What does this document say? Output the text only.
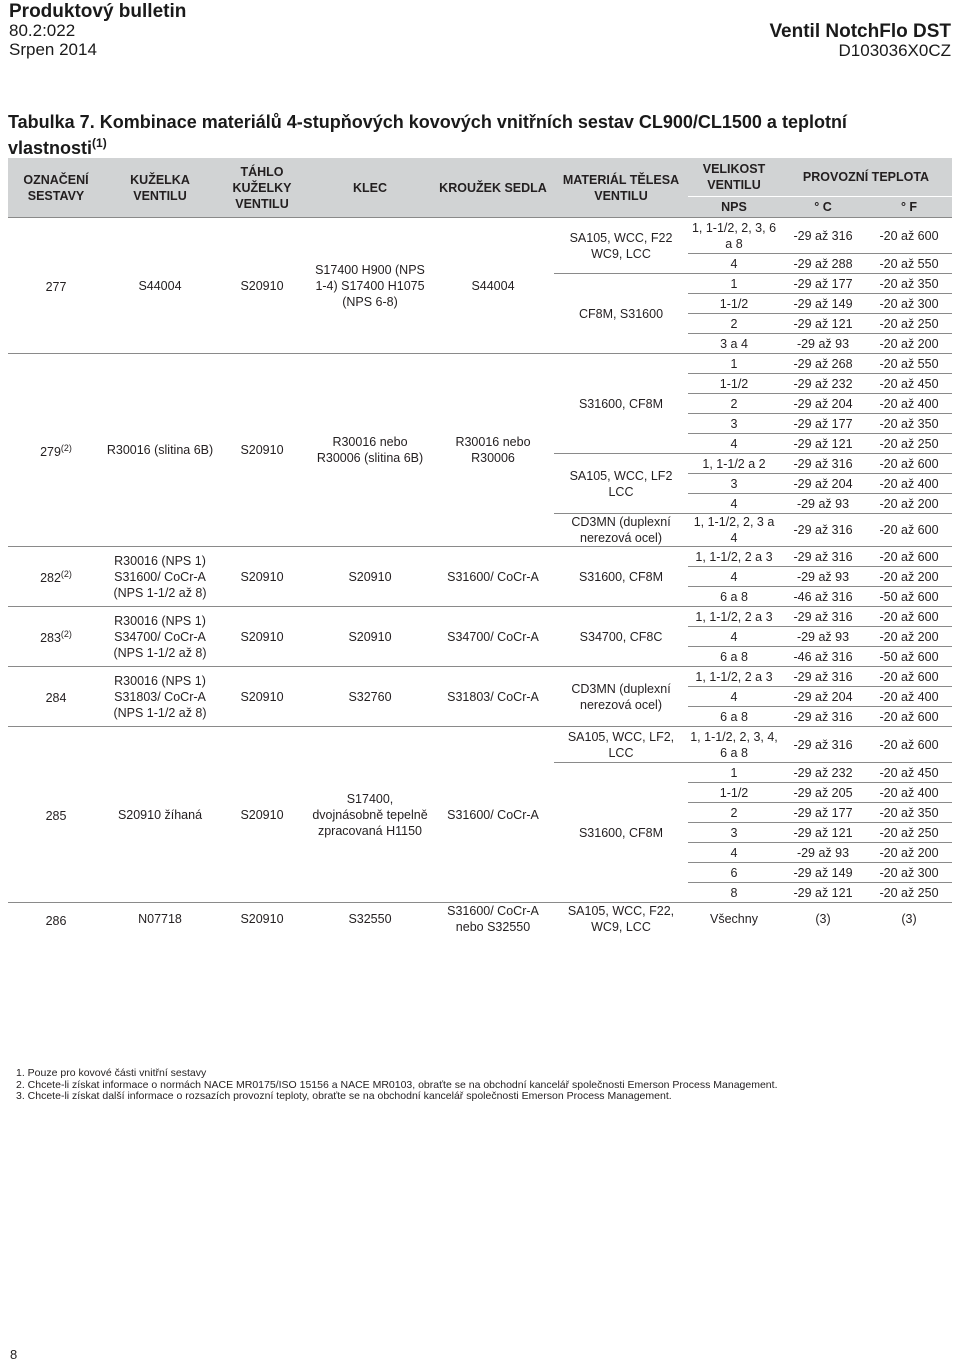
Produktový bulletin
80.2:022
Srpen 2014
Ventil NotchFlo DST
D103036X0CZ
Tabulka 7. Kombinace materiálů 4-stupňových kovových vnitřních sestav CL900/CL1500 a teplotní vlastnosti$^{(1)}$
OZNAČENÍ SESTAVY	KUŽELKA VENTILU	TÁHLO KUŽELKY VENTILU	KLEC	KROUŽEK SEDLA	MATERIÁL TĚLESA VENTILU	VELIKOST VENTILU	PROVOZNÍ TEPLOTA	
						NPS	° C	° F
277	S44004	S20910	S17400 H900 (NPS 1-4) S17400 H1075 (NPS 6-8)	S44004	SA105, WCC, F22 WC9, LCC	1, 1-1/2, 2, 3, 6 a 8	-29 až 316	-20 až 600
						4	-29 až 288	-20 až 550
					CF8M, S31600	1	-29 až 177	-20 až 350
						1-1/2	-29 až 149	-20 až 300
						2	-29 až 121	-20 až 250
						3 a 4	-29 až 93	-20 až 200
279$^{(2)}$	R30016 (slitina 6B)	S20910	R30016 nebo R30006 (slitina 6B)	R30016 nebo R30006	S31600, CF8M	1	-29 až 268	-20 až 550
						1-1/2	-29 až 232	-20 až 450
						2	-29 až 204	-20 až 400
						3	-29 až 177	-20 až 350
						4	-29 až 121	-20 až 250
					SA105, WCC, LF2 LCC	1, 1-1/2 a 2	-29 až 316	-20 až 600
						3	-29 až 204	-20 až 400
						4	-29 až 93	-20 až 200
					CD3MN (duplexní nerezová ocel)	1, 1-1/2, 2, 3 a 4	-29 až 316	-20 až 600
282$^{(2)}$	R30016 (NPS 1) S31600/ CoCr-A (NPS 1-1/2 až 8)	S20910	S20910	S31600/ CoCr-A	S31600, CF8M	1, 1-1/2, 2 a 3	-29 až 316	-20 až 600
						4	-29 až 93	-20 až 200
						6 a 8	-46 až 316	-50 až 600
283$^{(2)}$	R30016 (NPS 1) S34700/ CoCr-A (NPS 1-1/2 až 8)	S20910	S20910	S34700/ CoCr-A	S34700, CF8C	1, 1-1/2, 2 a 3	-29 až 316	-20 až 600
						4	-29 až 93	-20 až 200
						6 a 8	-46 až 316	-50 až 600
284	R30016 (NPS 1) S31803/ CoCr-A (NPS 1-1/2 až 8)	S20910	S32760	S31803/ CoCr-A	CD3MN (duplexní nerezová ocel)	1, 1-1/2, 2 a 3	-29 až 316	-20 až 600
						4	-29 až 204	-20 až 400
						6 a 8	-29 až 316	-20 až 600
285	S20910 žíhaná	S20910	S17400, dvojnásobně tepelně zpracovaná H1150	S31600/ CoCr-A	SA105, WCC, LF2, LCC	1, 1-1/2, 2, 3, 4, 6 a 8	-29 až 316	-20 až 600
					S31600, CF8M	1	-29 až 232	-20 až 450
						1-1/2	-29 až 205	-20 až 400
						2	-29 až 177	-20 až 350
						3	-29 až 121	-20 až 250
						4	-29 až 93	-20 až 200
						6	-29 až 149	-20 až 300
						8	-29 až 121	-20 až 250
286	N07718	S20910	S32550	S31600/ CoCr-A nebo S32550	SA105, WCC, F22, WC9, LCC	Všechny	(3)	(3)
1. Pouze pro kovové části vnitřní sestavy
2. Chcete-li získat informace o normách NACE MR0175/ISO 15156 a NACE MR0103, obraťte se na obchodní kancelář společnosti Emerson Process Management.
3. Chcete-li získat další informace o rozsazích provozní teploty, obraťte se na obchodní kancelář společnosti Emerson Process Management.
8
